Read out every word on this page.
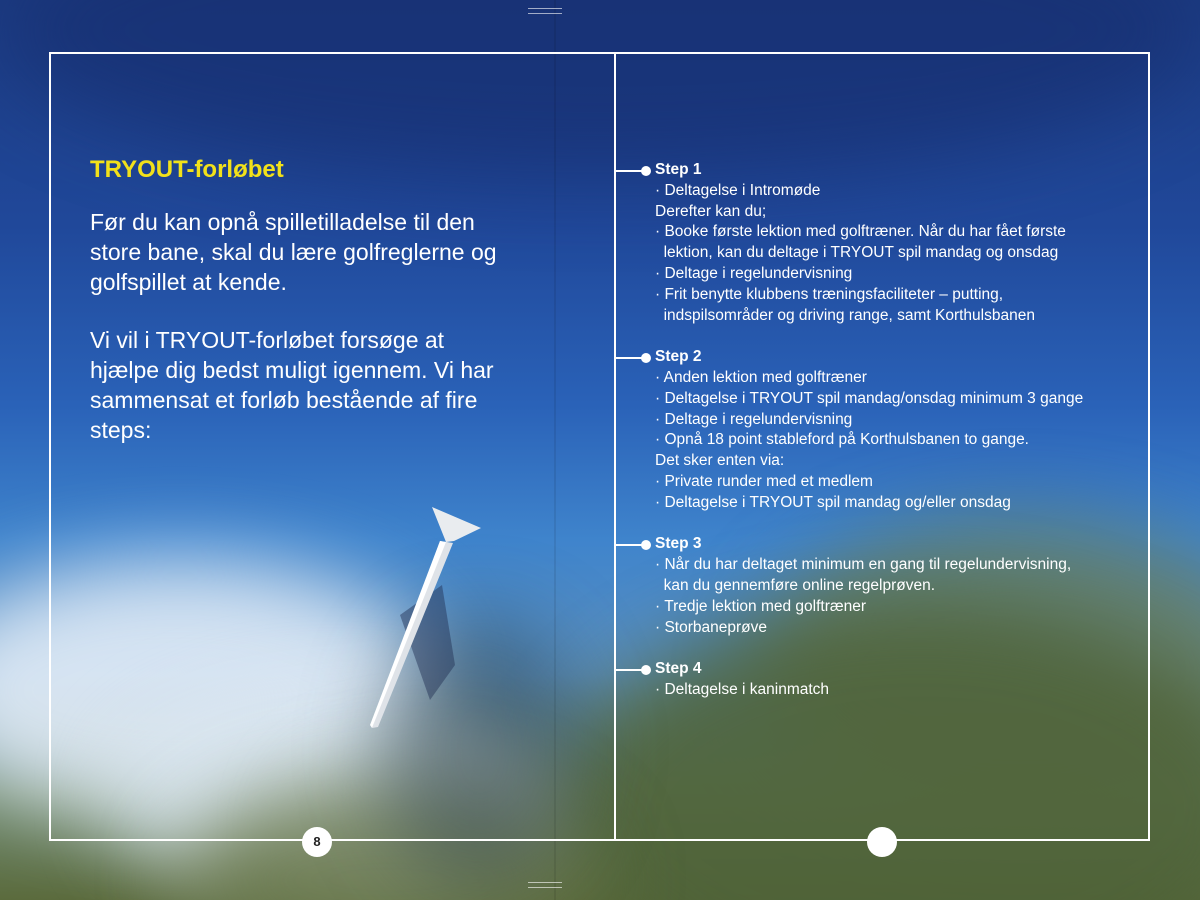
TRYOUT-forløbet

Før du kan opnå spilletilladelse til den
store bane, skal du lære golfreglerne og
golfspillet at kende.

Vi vil i TRYOUT-forløbet forsøge at
hjælpe dig bedst muligt igennem. Vi har
sammensat et forløb bestående af fire
steps:

8
Step 1
· Deltagelse i Intromøde
Derefter kan du;
· Booke første lektion med golftræner. Når du har fået første
lektion, kan du deltage i TRYOUT spil mandag og onsdag
· Deltage i regelundervisning
· Frit benytte klubbens træningsfaciliteter – putting,
indspilsområder og driving range, samt Korthulsbanen
Step 2
· Anden lektion med golftræner
· Deltagelse i TRYOUT spil mandag/onsdag minimum 3 gange
· Deltage i regelundervisning
· Opnå 18 point stableford på Korthulsbanen to gange.
Det sker enten via:
· Private runder med et medlem
· Deltagelse i TRYOUT spil mandag og/eller onsdag
Step 3
· Når du har deltaget minimum en gang til regelundervisning,
kan du gennemføre online regelprøven.
· Tredje lektion med golftræner
· Storbaneprøve
Step 4
· Deltagelse i kaninmatch
